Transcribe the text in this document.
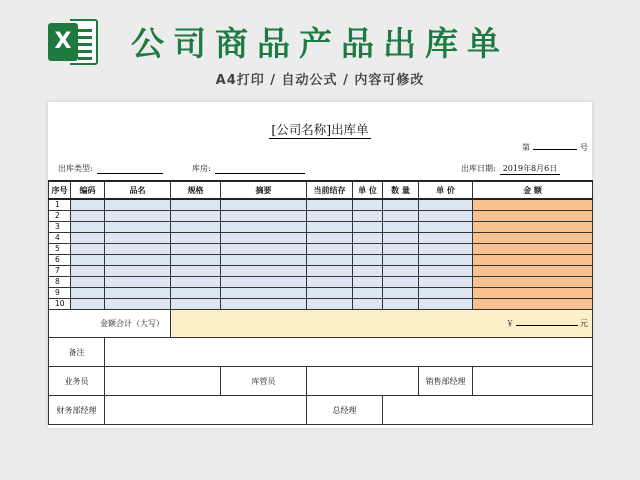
X	公司商品产品出库单
A4打印 / 自动公式 / 内容可修改
[公司名称]出库单
第	号
出库类型:	库房:	出库日期: 2019年8月6日
序号	编码	品名	规格	摘要	当前结存	单 位	数 量	单 价	金 额
1									
2									
3									
4									
5									
6									
7									
8									
9									
10									
金额合计（大写）			￥ 元						
备注									
业务员				库管员				销售部经理	
财务部经理					总经理				
